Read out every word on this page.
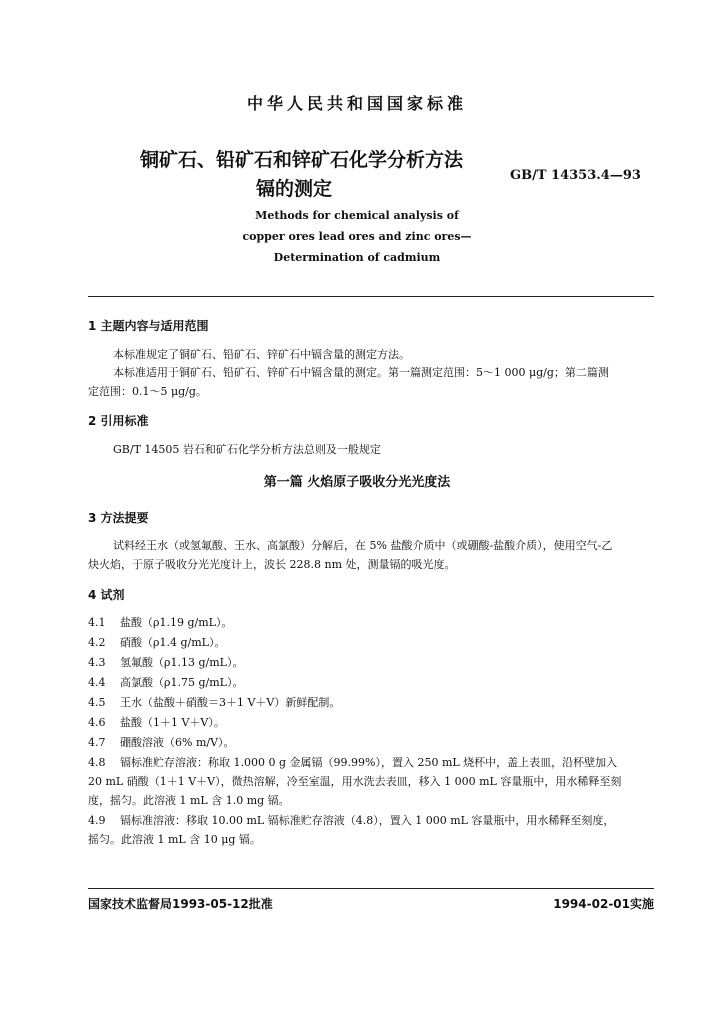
中华人民共和国国家标准
铜矿石、铅矿石和锌矿石化学分析方法
镉的测定
GB/T 14353.4—93
Methods for chemical analysis of
copper ores lead ores and zinc ores—
Determination of cadmium
1 主题内容与适用范围
本标准规定了铜矿石、铅矿石、锌矿石中镉含量的测定方法。
本标准适用于铜矿石、铅矿石、锌矿石中镉含量的测定。第一篇测定范围：5～1 000 μg/g；第二篇测
定范围：0.1～5 μg/g。
2 引用标准
GB/T 14505 岩石和矿石化学分析方法总则及一般规定
第一篇 火焰原子吸收分光光度法
3 方法提要
试料经王水（或氢氟酸、王水、高氯酸）分解后，在 5% 盐酸介质中（或硼酸-盐酸介质），使用空气-乙
炔火焰，于原子吸收分光光度计上，波长 228.8 nm 处，测量镉的吸光度。
4 试剂
4.1 盐酸（ρ1.19 g/mL）。
4.2 硝酸（ρ1.4 g/mL）。
4.3 氢氟酸（ρ1.13 g/mL）。
4.4 高氯酸（ρ1.75 g/mL）。
4.5 王水（盐酸＋硝酸＝3＋1 V＋V）新鲜配制。
4.6 盐酸（1＋1 V＋V）。
4.7 硼酸溶液（6% m/V）。
4.8 镉标准贮存溶液：称取 1.000 0 g 金属镉（99.99%），置入 250 mL 烧杯中，盖上表皿，沿杯壁加入
20 mL 硝酸（1＋1 V＋V），微热溶解，冷至室温，用水洗去表皿，移入 1 000 mL 容量瓶中，用水稀释至刻
度，摇匀。此溶液 1 mL 含 1.0 mg 镉。
4.9 镉标准溶液：移取 10.00 mL 镉标准贮存溶液（4.8），置入 1 000 mL 容量瓶中，用水稀释至刻度，
摇匀。此溶液 1 mL 含 10 μg 镉。
国家技术监督局1993-05-12批准	1994-02-01实施
